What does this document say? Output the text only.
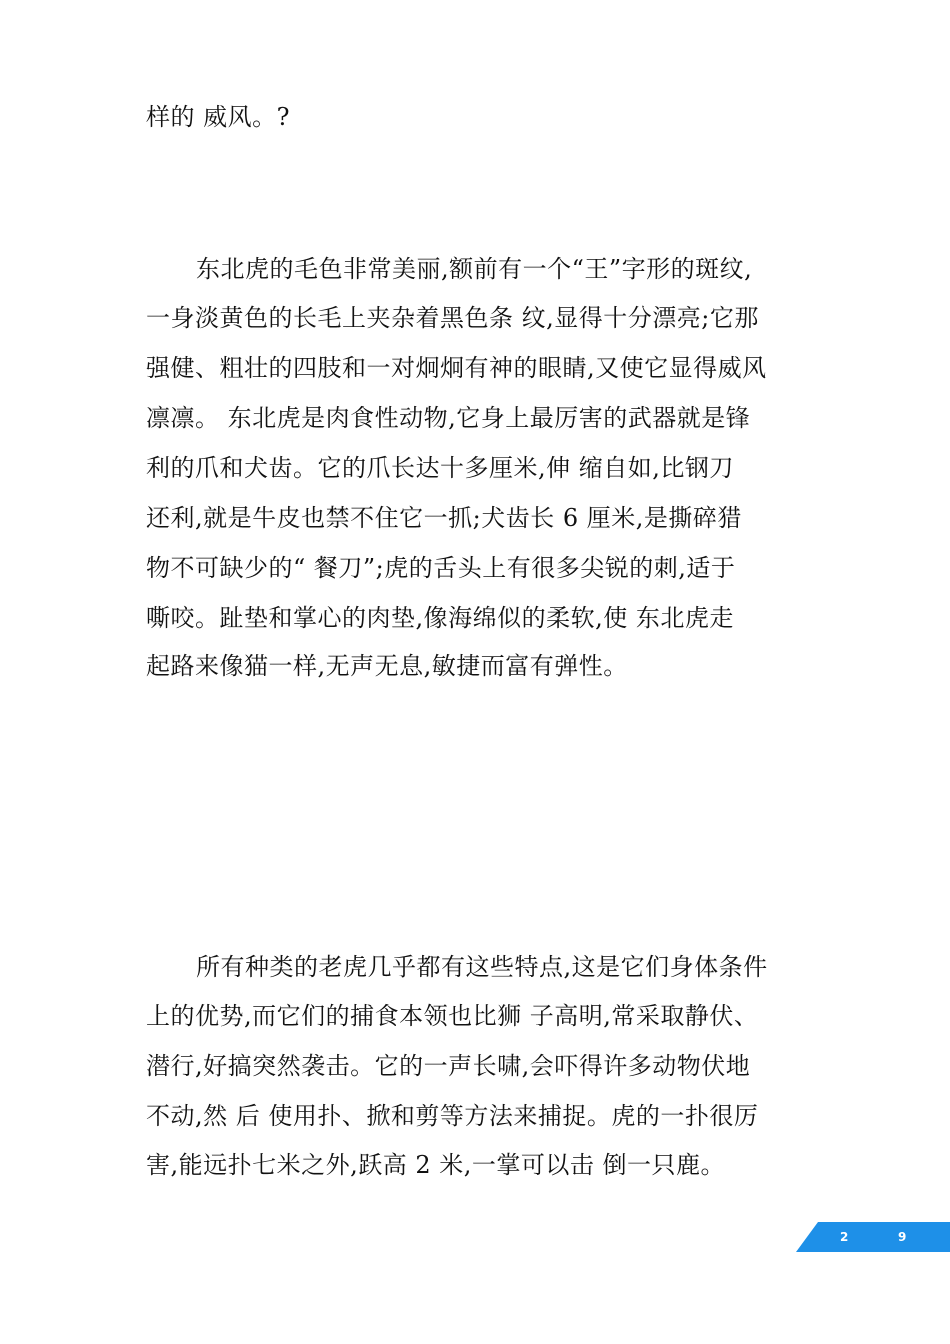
样的 威风。?
东北虎的毛色非常美丽,额前有一个“王”字形的斑纹,
一身淡黄色的长毛上夹杂着黑色条 纹,显得十分漂亮;它那
强健、粗壮的四肢和一对炯炯有神的眼睛,又使它显得威风
凛凛。 东北虎是肉食性动物,它身上最厉害的武器就是锋
利的爪和犬齿。它的爪长达十多厘米,伸 缩自如,比钢刀
还利,就是牛皮也禁不住它一抓;犬齿长 6 厘米,是撕碎猎
物不可缺少的“ 餐刀”;虎的舌头上有很多尖锐的刺,适于
嘶咬。趾垫和掌心的肉垫,像海绵似的柔软,使 东北虎走
起路来像猫一样,无声无息,敏捷而富有弹性。
所有种类的老虎几乎都有这些特点,这是它们身体条件
上的优势,而它们的捕食本领也比狮 子高明,常采取静伏、
潜行,好搞突然袭击。它的一声长啸,会吓得许多动物伏地
不动,然 后 使用扑、掀和剪等方法来捕捉。虎的一扑很厉
害,能远扑七米之外,跃高 2 米,一掌可以击 倒一只鹿。
2	9
